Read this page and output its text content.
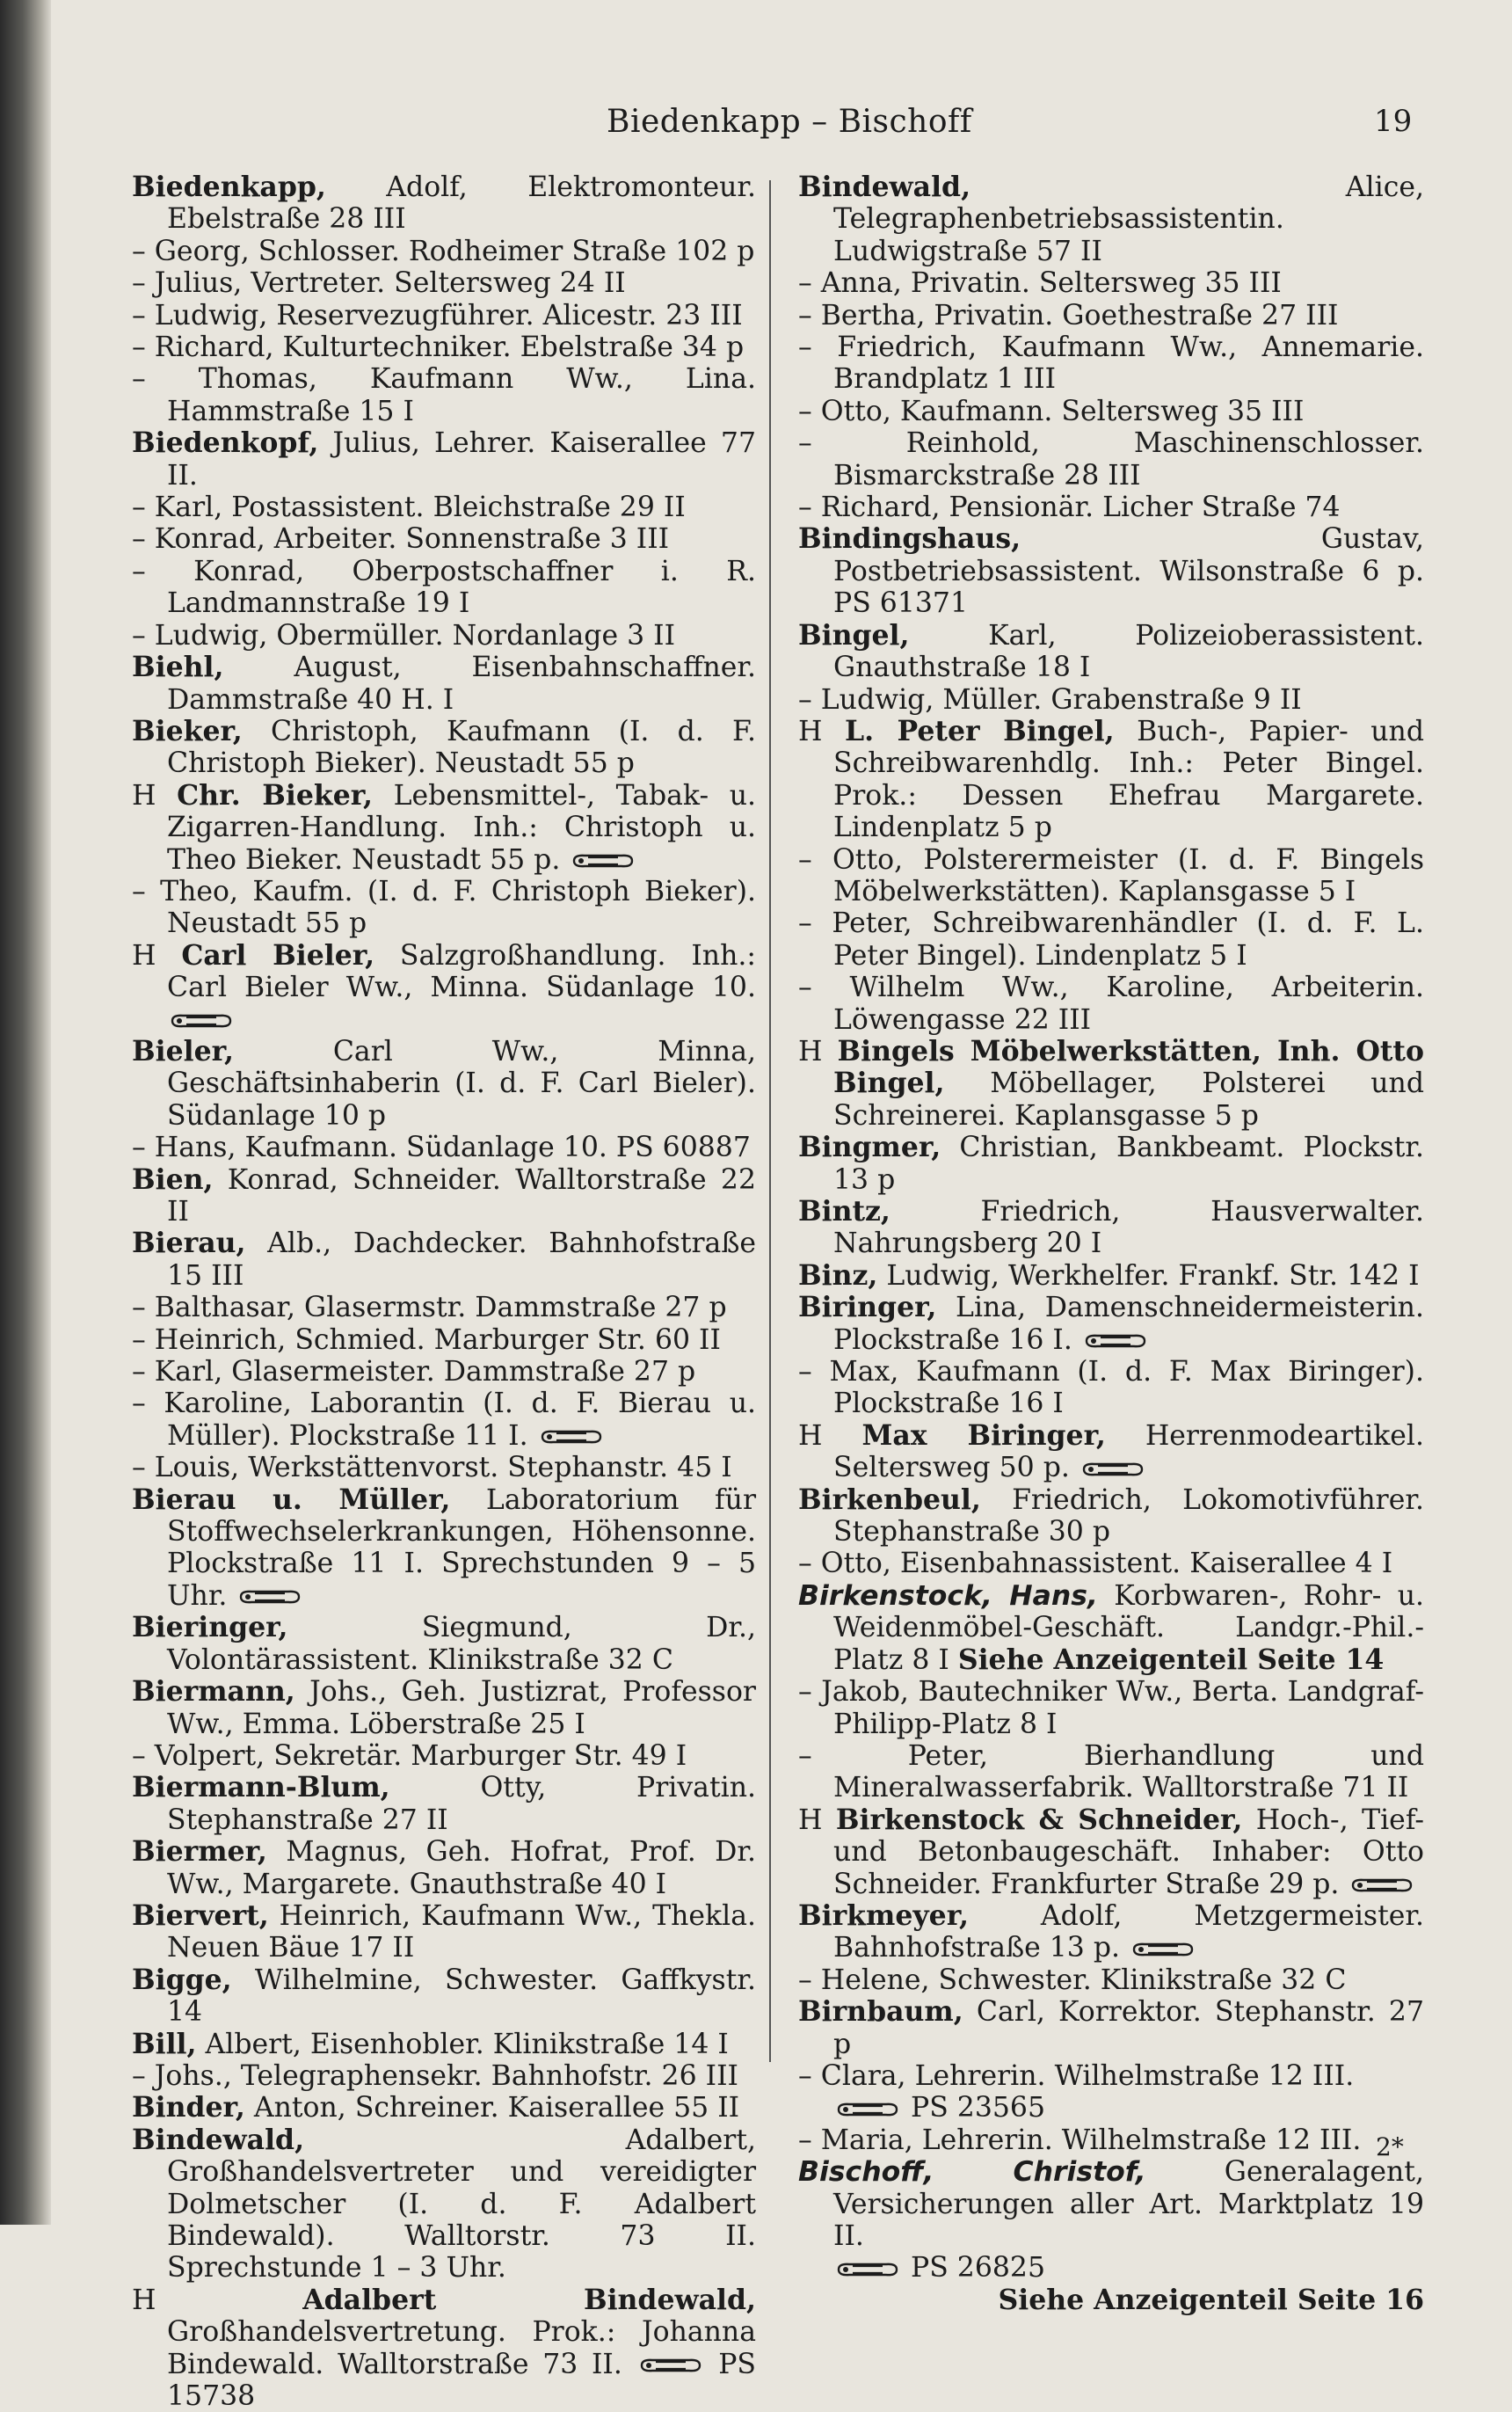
Biedenkapp – Bischoff	19

Biedenkapp, Adolf, Elektromonteur. Ebelstraße 28 III

– Georg, Schlosser. Rodheimer Straße 102 p

– Julius, Vertreter. Seltersweg 24 II

– Ludwig, Reservezugführer. Alicestr. 23 III

– Richard, Kulturtechniker. Ebelstraße 34 p

– Thomas, Kaufmann Ww., Lina. Hammstraße 15 I

Biedenkopf, Julius, Lehrer. Kaiserallee 77 II.

– Karl, Postassistent. Bleichstraße 29 II

– Konrad, Arbeiter. Sonnenstraße 3 III

– Konrad, Oberpostschaffner i. R. Landmannstraße 19 I

– Ludwig, Obermüller. Nordanlage 3 II

Biehl, August, Eisenbahnschaffner. Dammstraße 40 H. I

Bieker, Christoph, Kaufmann (I. d. F. Christoph Bieker). Neustadt 55 p

H Chr. Bieker, Lebensmittel-, Tabak- u. Zigarren-Handlung. Inh.: Christoph u. Theo Bieker. Neustadt 55 p.

– Theo, Kaufm. (I. d. F. Christoph Bieker). Neustadt 55 p

H Carl Bieler, Salzgroßhandlung. Inh.: Carl Bieler Ww., Minna. Südanlage 10.

Bieler, Carl Ww., Minna, Geschäftsinhaberin (I. d. F. Carl Bieler). Südanlage 10 p

– Hans, Kaufmann. Südanlage 10. PS 60887

Bien, Konrad, Schneider. Walltorstraße 22 II

Bierau, Alb., Dachdecker. Bahnhofstraße 15 III

– Balthasar, Glasermstr. Dammstraße 27 p

– Heinrich, Schmied. Marburger Str. 60 II

– Karl, Glasermeister. Dammstraße 27 p

– Karoline, Laborantin (I. d. F. Bierau u. Müller). Plockstraße 11 I.

– Louis, Werkstättenvorst. Stephanstr. 45 I

Bierau u. Müller, Laboratorium für Stoffwechselerkrankungen, Höhensonne. Plockstraße 11 I. Sprechstunden 9 – 5 Uhr.

Bieringer, Siegmund, Dr., Volontärassistent. Klinikstraße 32 C

Biermann, Johs., Geh. Justizrat, Professor Ww., Emma. Löberstraße 25 I

– Volpert, Sekretär. Marburger Str. 49 I

Biermann-Blum, Otty, Privatin. Stephanstraße 27 II

Biermer, Magnus, Geh. Hofrat, Prof. Dr. Ww., Margarete. Gnauthstraße 40 I

Biervert, Heinrich, Kaufmann Ww., Thekla. Neuen Bäue 17 II

Bigge, Wilhelmine, Schwester. Gaffkystr. 14

Bill, Albert, Eisenhobler. Klinikstraße 14 I

– Johs., Telegraphensekr. Bahnhofstr. 26 III

Binder, Anton, Schreiner. Kaiserallee 55 II

Bindewald, Adalbert, Großhandelsvertreter und vereidigter Dolmetscher (I. d. F. Adalbert Bindewald). Walltorstr. 73 II. Sprechstunde 1 – 3 Uhr.

H Adalbert Bindewald, Großhandelsvertretung. Prok.: Johanna Bindewald. Walltorstraße 73 II.	PS 15738

Bindewald, Alice, Telegraphenbetriebsassistentin. Ludwigstraße 57 II

– Anna, Privatin. Seltersweg 35 III

– Bertha, Privatin. Goethestraße 27 III

– Friedrich, Kaufmann Ww., Annemarie. Brandplatz 1 III

– Otto, Kaufmann. Seltersweg 35 III

– Reinhold, Maschinenschlosser. Bismarckstraße 28 III

– Richard, Pensionär. Licher Straße 74

Bindingshaus, Gustav, Postbetriebsassistent. Wilsonstraße 6 p. PS 61371

Bingel, Karl, Polizeioberassistent. Gnauthstraße 18 I

– Ludwig, Müller. Grabenstraße 9 II

H L. Peter Bingel, Buch-, Papier- und Schreibwarenhdlg. Inh.: Peter Bingel. Prok.: Dessen Ehefrau Margarete. Lindenplatz 5 p

– Otto, Polsterermeister (I. d. F. Bingels Möbelwerkstätten). Kaplansgasse 5 I

– Peter, Schreibwarenhändler (I. d. F. L. Peter Bingel). Lindenplatz 5 I

– Wilhelm Ww., Karoline, Arbeiterin. Löwengasse 22 III

H Bingels Möbelwerkstätten, Inh. Otto Bingel, Möbellager, Polsterei und Schreinerei. Kaplansgasse 5 p

Bingmer, Christian, Bankbeamt. Plockstr. 13 p

Bintz, Friedrich, Hausverwalter. Nahrungsberg 20 I

Binz, Ludwig, Werkhelfer. Frankf. Str. 142 I

Biringer, Lina, Damenschneidermeisterin. Plockstraße 16 I.

– Max, Kaufmann (I. d. F. Max Biringer). Plockstraße 16 I

H Max Biringer, Herrenmodeartikel. Seltersweg 50 p.

Birkenbeul, Friedrich, Lokomotivführer. Stephanstraße 30 p

– Otto, Eisenbahnassistent. Kaiserallee 4 I

Birkenstock, Hans, Korbwaren-, Rohr- u. Weidenmöbel-Geschäft. Landgr.-Phil.-Platz 8 I Siehe Anzeigenteil Seite 14

– Jakob, Bautechniker Ww., Berta. Landgraf-Philipp-Platz 8 I

– Peter, Bierhandlung und Mineralwasserfabrik. Walltorstraße 71 II

H Birkenstock & Schneider, Hoch-, Tief- und Betonbaugeschäft. Inhaber: Otto Schneider. Frankfurter Straße 29 p.

Birkmeyer, Adolf, Metzgermeister. Bahnhofstraße 13 p.

– Helene, Schwester. Klinikstraße 32 C

Birnbaum, Carl, Korrektor. Stephanstr. 27 p

– Clara, Lehrerin. Wilhelmstraße 12 III.

PS 23565

– Maria, Lehrerin. Wilhelmstraße 12 III.

Bischoff, Christof, Generalagent, Versicherungen aller Art. Marktplatz 19 II.

PS 26825

Siehe Anzeigenteil Seite 16

2*
